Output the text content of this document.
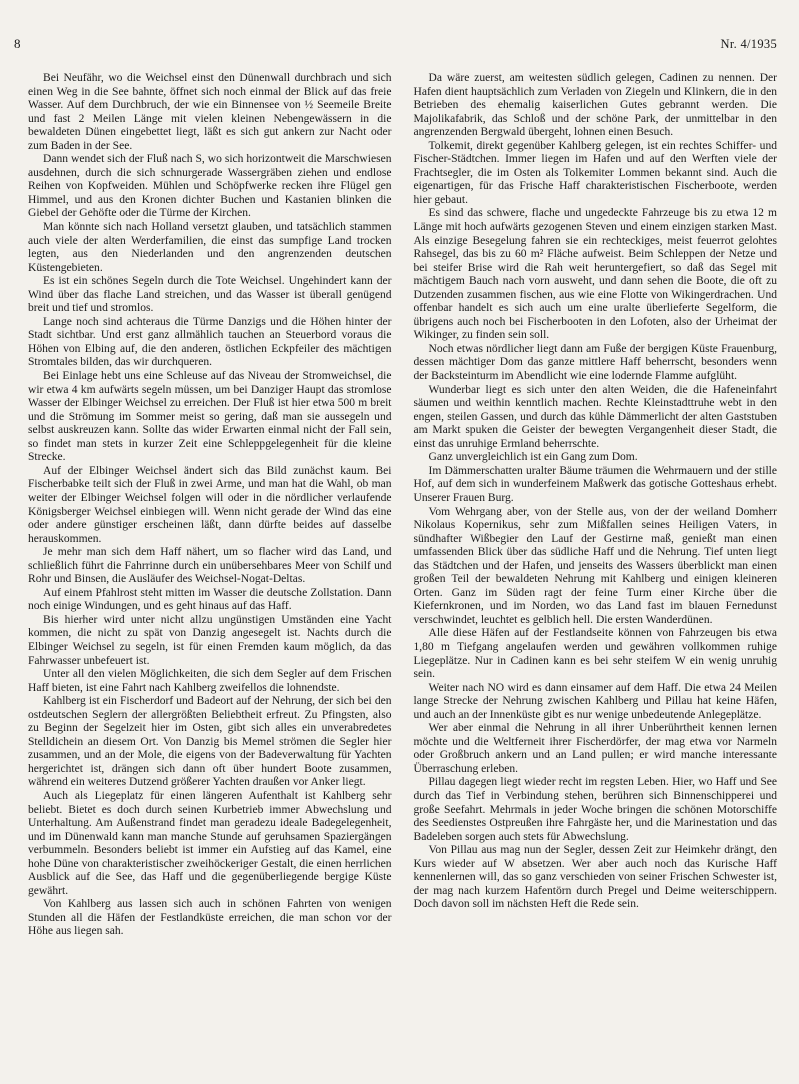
8	Nr. 4/1935

Bei Neufähr, wo die Weichsel einst den Dünenwall durchbrach und sich einen Weg in die See bahnte, öffnet sich noch einmal der Blick auf das freie Wasser. Auf dem Durchbruch, der wie ein Binnensee von ½ Seemeile Breite und fast 2 Meilen Länge mit vielen kleinen Nebengewässern in die bewaldeten Dünen eingebettet liegt, läßt es sich gut ankern zur Nacht oder zum Baden in der See.

Dann wendet sich der Fluß nach S, wo sich horizontweit die Marschwiesen ausdehnen, durch die sich schnurgerade Wassergräben ziehen und endlose Reihen von Kopfweiden. Mühlen und Schöpfwerke recken ihre Flügel gen Himmel, und aus den Kronen dichter Buchen und Kastanien blinken die Giebel der Gehöfte oder die Türme der Kirchen.

Man könnte sich nach Holland versetzt glauben, und tatsächlich stammen auch viele der alten Werderfamilien, die einst das sumpfige Land trocken legten, aus den Niederlanden und den angrenzenden deutschen Küstengebieten.

Es ist ein schönes Segeln durch die Tote Weichsel. Ungehindert kann der Wind über das flache Land streichen, und das Wasser ist überall genügend breit und tief und stromlos.

Lange noch sind achteraus die Türme Danzigs und die Höhen hinter der Stadt sichtbar. Und erst ganz allmählich tauchen an Steuerbord voraus die Höhen von Elbing auf, die den anderen, östlichen Eckpfeiler des mächtigen Stromtales bilden, das wir durchqueren.

Bei Einlage hebt uns eine Schleuse auf das Niveau der Stromweichsel, die wir etwa 4 km aufwärts segeln müssen, um bei Danziger Haupt das stromlose Wasser der Elbinger Weichsel zu erreichen. Der Fluß ist hier etwa 500 m breit und die Strömung im Sommer meist so gering, daß man sie aussegeln und selbst auskreuzen kann. Sollte das wider Erwarten einmal nicht der Fall sein, so findet man stets in kurzer Zeit eine Schleppgelegenheit für die kleine Strecke.

Auf der Elbinger Weichsel ändert sich das Bild zunächst kaum. Bei Fischerbabke teilt sich der Fluß in zwei Arme, und man hat die Wahl, ob man weiter der Elbinger Weichsel folgen will oder in die nördlicher verlaufende Königsberger Weichsel einbiegen will. Wenn nicht gerade der Wind das eine oder andere günstiger erscheinen läßt, dann dürfte beides auf dasselbe herauskommen.

Je mehr man sich dem Haff nähert, um so flacher wird das Land, und schließlich führt die Fahrrinne durch ein unübersehbares Meer von Schilf und Rohr und Binsen, die Ausläufer des Weichsel-Nogat-Deltas.

Auf einem Pfahlrost steht mitten im Wasser die deutsche Zollstation. Dann noch einige Windungen, und es geht hinaus auf das Haff.

Bis hierher wird unter nicht allzu ungünstigen Umständen eine Yacht kommen, die nicht zu spät von Danzig angesegelt ist. Nachts durch die Elbinger Weichsel zu segeln, ist für einen Fremden kaum möglich, da das Fahrwasser unbefeuert ist.

Unter all den vielen Möglichkeiten, die sich dem Segler auf dem Frischen Haff bieten, ist eine Fahrt nach Kahlberg zweifellos die lohnendste.

Kahlberg ist ein Fischerdorf und Badeort auf der Nehrung, der sich bei den ostdeutschen Seglern der allergrößten Beliebtheit erfreut. Zu Pfingsten, also zu Beginn der Segelzeit hier im Osten, gibt sich alles ein unverabredetes Stelldichein an diesem Ort. Von Danzig bis Memel strömen die Segler hier zusammen, und an der Mole, die eigens von der Badeverwaltung für Yachten hergerichtet ist, drängen sich dann oft über hundert Boote zusammen, während ein weiteres Dutzend größerer Yachten draußen vor Anker liegt.

Auch als Liegeplatz für einen längeren Aufenthalt ist Kahlberg sehr beliebt. Bietet es doch durch seinen Kurbetrieb immer Abwechslung und Unterhaltung. Am Außenstrand findet man geradezu ideale Badegelegenheit, und im Dünenwald kann man manche Stunde auf geruhsamen Spaziergängen verbummeln. Besonders beliebt ist immer ein Aufstieg auf das Kamel, eine hohe Düne von charakteristischer zweihöckeriger Gestalt, die einen herrlichen Ausblick auf die See, das Haff und die gegenüberliegende bergige Küste gewährt.

Von Kahlberg aus lassen sich auch in schönen Fahrten von wenigen Stunden all die Häfen der Festlandküste erreichen, die man schon vor der Höhe aus liegen sah.

Da wäre zuerst, am weitesten südlich gelegen, Cadinen zu nennen. Der Hafen dient hauptsächlich zum Verladen von Ziegeln und Klinkern, die in den Betrieben des ehemalig kaiserlichen Gutes gebrannt werden. Die Majolikafabrik, das Schloß und der schöne Park, der unmittelbar in den angrenzenden Bergwald übergeht, lohnen einen Besuch.

Tolkemit, direkt gegenüber Kahlberg gelegen, ist ein rechtes Schiffer- und Fischer-Städtchen. Immer liegen im Hafen und auf den Werften viele der Frachtsegler, die im Osten als Tolkemiter Lommen bekannt sind. Auch die eigenartigen, für das Frische Haff charakteristischen Fischerboote, werden hier gebaut.

Es sind das schwere, flache und ungedeckte Fahrzeuge bis zu etwa 12 m Länge mit hoch aufwärts gezogenen Steven und einem einzigen starken Mast. Als einzige Besegelung fahren sie ein rechteckiges, meist feuerrot gelohtes Rahsegel, das bis zu 60 m² Fläche aufweist. Beim Schleppen der Netze und bei steifer Brise wird die Rah weit heruntergefiert, so daß das Segel mit mächtigem Bauch nach vorn ausweht, und dann sehen die Boote, die oft zu Dutzenden zusammen fischen, aus wie eine Flotte von Wikingerdrachen. Und offenbar handelt es sich auch um eine uralte überlieferte Segelform, die übrigens auch noch bei Fischerbooten in den Lofoten, also der Urheimat der Wikinger, zu finden sein soll.

Noch etwas nördlicher liegt dann am Fuße der bergigen Küste Frauenburg, dessen mächtiger Dom das ganze mittlere Haff beherrscht, besonders wenn der Backsteinturm im Abendlicht wie eine lodernde Flamme aufglüht.

Wunderbar liegt es sich unter den alten Weiden, die die Hafeneinfahrt säumen und weithin kenntlich machen. Rechte Kleinstadttruhe webt in den engen, steilen Gassen, und durch das kühle Dämmerlicht der alten Gaststuben am Markt spuken die Geister der bewegten Vergangenheit dieser Stadt, die einst das unruhige Ermland beherrschte.

Ganz unvergleichlich ist ein Gang zum Dom.

Im Dämmerschatten uralter Bäume träumen die Wehrmauern und der stille Hof, auf dem sich in wunderfeinem Maßwerk das gotische Gotteshaus erhebt. Unserer Frauen Burg.

Vom Wehrgang aber, von der Stelle aus, von der der weiland Domherr Nikolaus Kopernikus, sehr zum Mißfallen seines Heiligen Vaters, in sündhafter Wißbegier den Lauf der Gestirne maß, genießt man einen umfassenden Blick über das südliche Haff und die Nehrung. Tief unten liegt das Städtchen und der Hafen, und jenseits des Wassers überblickt man einen großen Teil der bewaldeten Nehrung mit Kahlberg und einigen kleineren Orten. Ganz im Süden ragt der feine Turm einer Kirche über die Kiefernkronen, und im Norden, wo das Land fast im blauen Fernedunst verschwindet, leuchtet es gelblich hell. Die ersten Wanderdünen.

Alle diese Häfen auf der Festlandseite können von Fahrzeugen bis etwa 1,80 m Tiefgang angelaufen werden und gewähren vollkommen ruhige Liegeplätze. Nur in Cadinen kann es bei sehr steifem W ein wenig unruhig sein.

Weiter nach NO wird es dann einsamer auf dem Haff. Die etwa 24 Meilen lange Strecke der Nehrung zwischen Kahlberg und Pillau hat keine Häfen, und auch an der Innenküste gibt es nur wenige unbedeutende Anlegeplätze.

Wer aber einmal die Nehrung in all ihrer Unberührtheit kennen lernen möchte und die Weltferneit ihrer Fischerdörfer, der mag etwa vor Narmeln oder Großbruch ankern und an Land pullen; er wird manche interessante Überraschung erleben.

Pillau dagegen liegt wieder recht im regsten Leben. Hier, wo Haff und See durch das Tief in Verbindung stehen, berühren sich Binnenschipperei und große Seefahrt. Mehrmals in jeder Woche bringen die schönen Motorschiffe des Seedienstes Ostpreußen ihre Fahrgäste her, und die Marinestation und das Badeleben sorgen auch stets für Abwechslung.

Von Pillau aus mag nun der Segler, dessen Zeit zur Heimkehr drängt, den Kurs wieder auf W absetzen. Wer aber auch noch das Kurische Haff kennenlernen will, das so ganz verschieden von seiner Frischen Schwester ist, der mag nach kurzem Hafentörn durch Pregel und Deime weiterschippern. Doch davon soll im nächsten Heft die Rede sein.
